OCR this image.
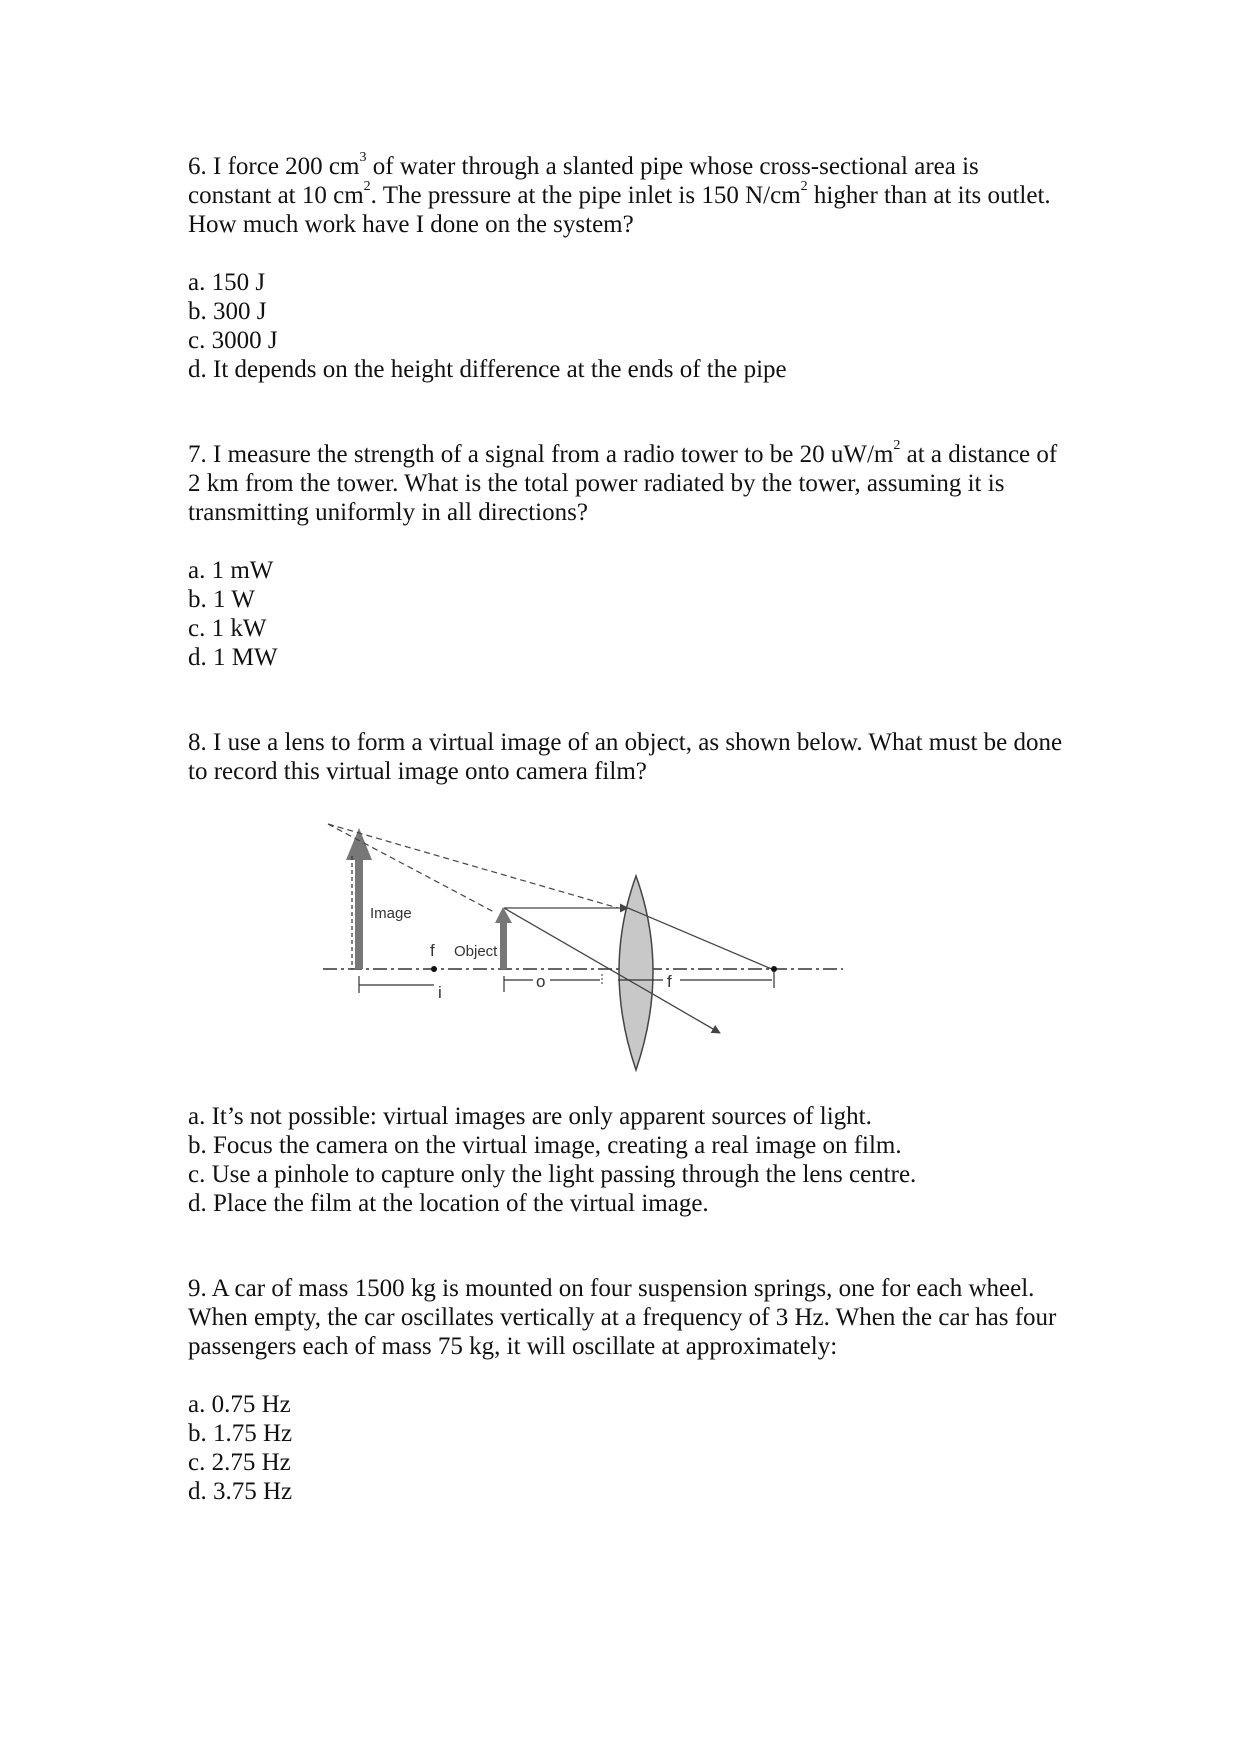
6. I force 200 $cm^3$ of water through a slanted pipe whose cross-sectional area is constant at 10 $cm^2$. The pressure at the pipe inlet is 150 $N/cm^2$ higher than at its outlet. How much work have I done on the system?

a. 150 J
b. 300 J
c. 3000 J
d. It depends on the height difference at the ends of the pipe

7. I measure the strength of a signal from a radio tower to be 20 $uW/m^2$ at a distance of 2 km from the tower. What is the total power radiated by the tower, assuming it is transmitting uniformly in all directions?

a. 1 mW
b. 1 W
c. 1 kW
d. 1 MW

8. I use a lens to form a virtual image of an object, as shown below. What must be done to record this virtual image onto camera film?

Image
f Object
i
o	f
a. It’s not possible: virtual images are only apparent sources of light.
b. Focus the camera on the virtual image, creating a real image on film.
c. Use a pinhole to capture only the light passing through the lens centre.
d. Place the film at the location of the virtual image.

9. A car of mass 1500 kg is mounted on four suspension springs, one for each wheel. When empty, the car oscillates vertically at a frequency of 3 Hz. When the car has four passengers each of mass 75 kg, it will oscillate at approximately:

a. 0.75 Hz
b. 1.75 Hz
c. 2.75 Hz
d. 3.75 Hz
